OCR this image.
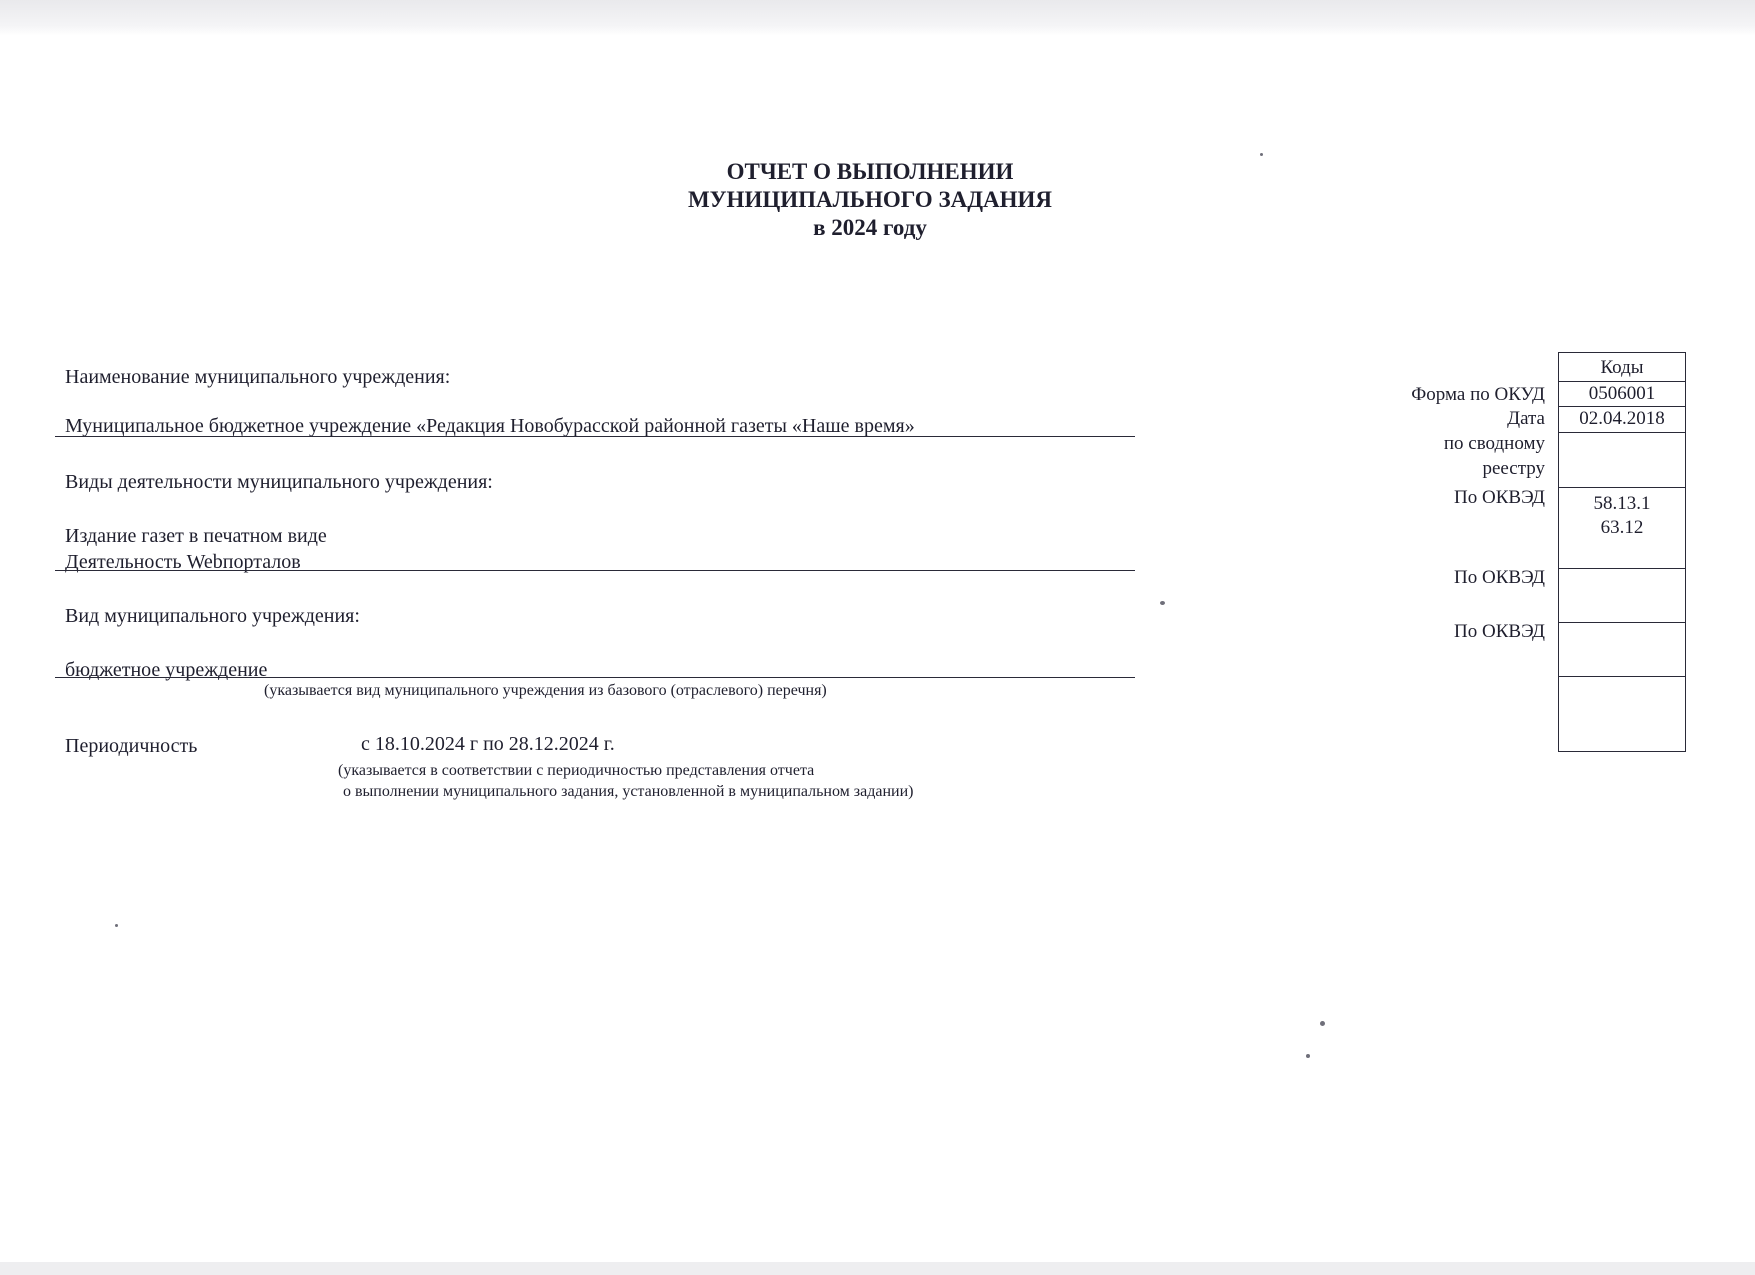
ОТЧЕТ О ВЫПОЛНЕНИИ
МУНИЦИПАЛЬНОГО ЗАДАНИЯ
в 2024 году
Наименование муниципального учреждения:
Муниципальное бюджетное учреждение «Редакция Новобурасской районной газеты «Наше время»
Виды деятельности муниципального учреждения:
Издание газет в печатном виде
Деятельность Webпорталов
Вид муниципального учреждения:
бюджетное учреждение
(указывается вид муниципального учреждения из базового (отраслевого) перечня)
Периодичность	с 18.10.2024 г по 28.12.2024 г.
(указывается в соответствии с периодичностью представления отчета
о выполнении муниципального задания, установленной в муниципальном задании)
Форма по ОКУД
Дата
по сводному
реестру
По ОКВЭД
По ОКВЭД
По ОКВЭД
Коды
0506001
02.04.2018
58.13.1
63.12
